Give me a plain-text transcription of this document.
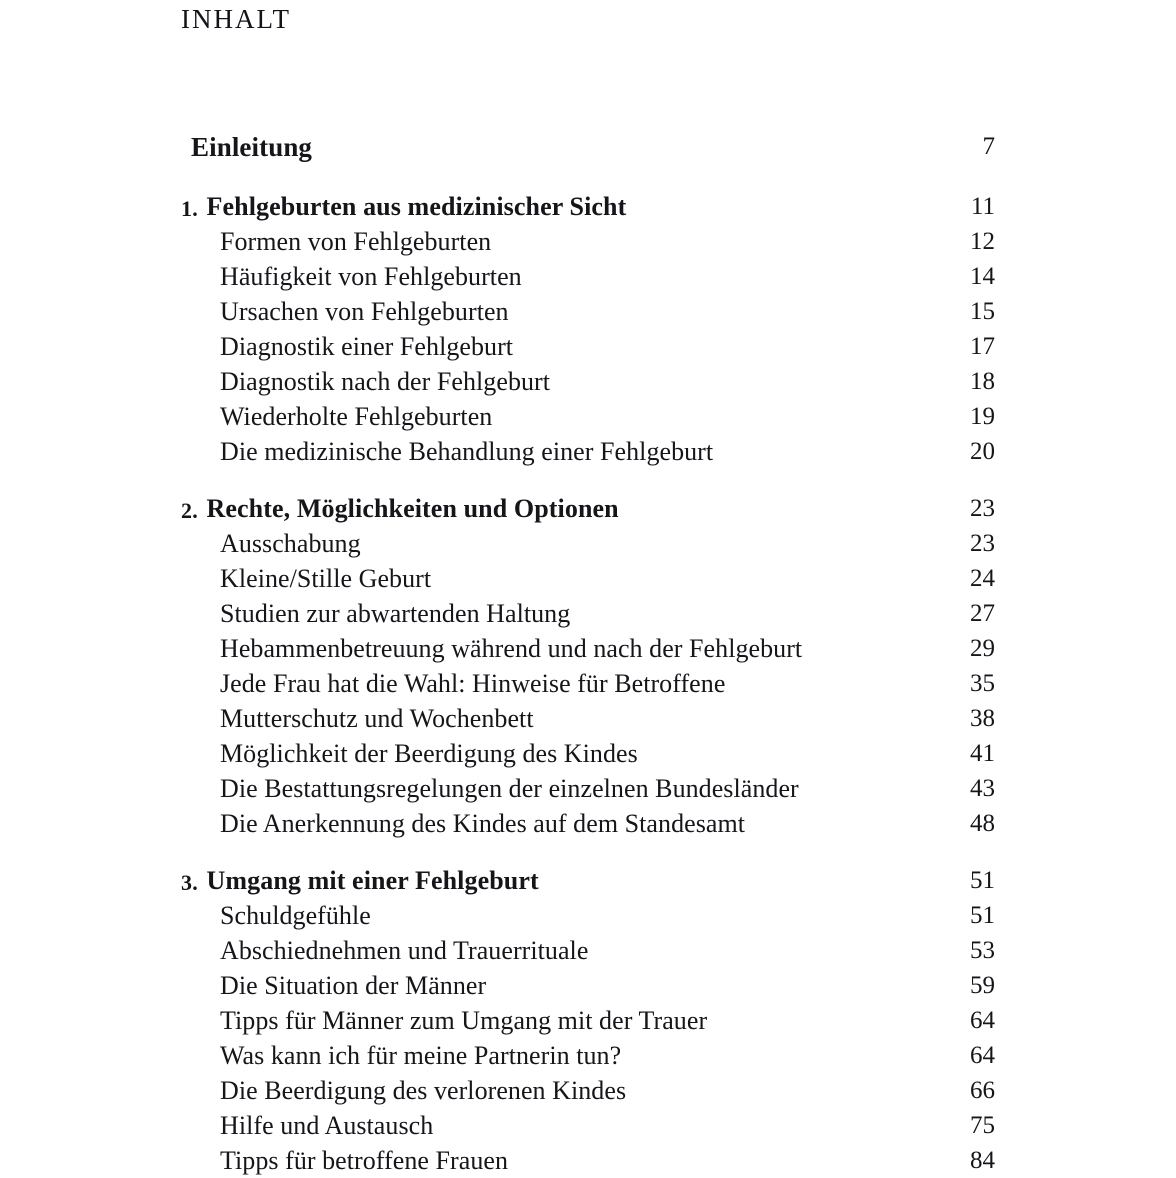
INHALT
Einleitung	7
1. Fehlgeburten aus medizinischer Sicht	11
Formen von Fehlgeburten	12
Häufigkeit von Fehlgeburten	14
Ursachen von Fehlgeburten	15
Diagnostik einer Fehlgeburt	17
Diagnostik nach der Fehlgeburt	18
Wiederholte Fehlgeburten	19
Die medizinische Behandlung einer Fehlgeburt	20
2. Rechte, Möglichkeiten und Optionen	23
Ausschabung	23
Kleine/Stille Geburt	24
Studien zur abwartenden Haltung	27
Hebammenbetreuung während und nach der Fehlgeburt	29
Jede Frau hat die Wahl: Hinweise für Betroffene	35
Mutterschutz und Wochenbett	38
Möglichkeit der Beerdigung des Kindes	41
Die Bestattungsregelungen der einzelnen Bundesländer	43
Die Anerkennung des Kindes auf dem Standesamt	48
3. Umgang mit einer Fehlgeburt	51
Schuldgefühle	51
Abschiednehmen und Trauerrituale	53
Die Situation der Männer	59
Tipps für Männer zum Umgang mit der Trauer	64
Was kann ich für meine Partnerin tun?	64
Die Beerdigung des verlorenen Kindes	66
Hilfe und Austausch	75
Tipps für betroffene Frauen	84
